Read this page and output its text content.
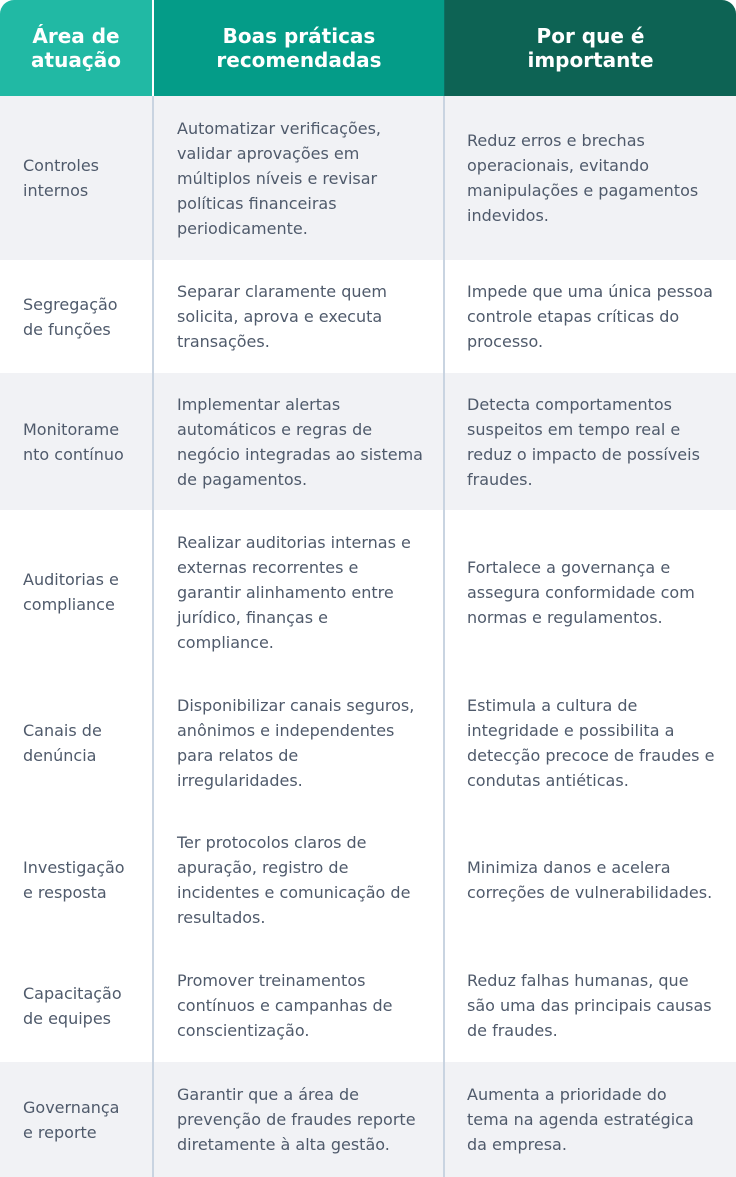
Área de
atuação
Boas práticas
recomendadas
Por que é
importante
Controles
internos
Automatizar verificações,
validar aprovações em
múltiplos níveis e revisar
políticas financeiras
periodicamente.
Reduz erros e brechas
operacionais, evitando
manipulações e pagamentos
indevidos.
Segregação
de funções
Separar claramente quem
solicita, aprova e executa
transações.
Impede que uma única pessoa
controle etapas críticas do
processo.
Monitorame
nto contínuo
Implementar alertas
automáticos e regras de
negócio integradas ao sistema
de pagamentos.
Detecta comportamentos
suspeitos em tempo real e
reduz o impacto de possíveis
fraudes.
Auditorias e
compliance
Realizar auditorias internas e
externas recorrentes e
garantir alinhamento entre
jurídico, finanças e
compliance.
Fortalece a governança e
assegura conformidade com
normas e regulamentos.
Canais de
denúncia
Disponibilizar canais seguros,
anônimos e independentes
para relatos de
irregularidades.
Estimula a cultura de
integridade e possibilita a
detecção precoce de fraudes e
condutas antiéticas.
Investigação
e resposta
Ter protocolos claros de
apuração, registro de
incidentes e comunicação de
resultados.
Minimiza danos e acelera
correções de vulnerabilidades.
Capacitação
de equipes
Promover treinamentos
contínuos e campanhas de
conscientização.
Reduz falhas humanas, que
são uma das principais causas
de fraudes.
Governança
e reporte
Garantir que a área de
prevenção de fraudes reporte
diretamente à alta gestão.
Aumenta a prioridade do
tema na agenda estratégica
da empresa.
